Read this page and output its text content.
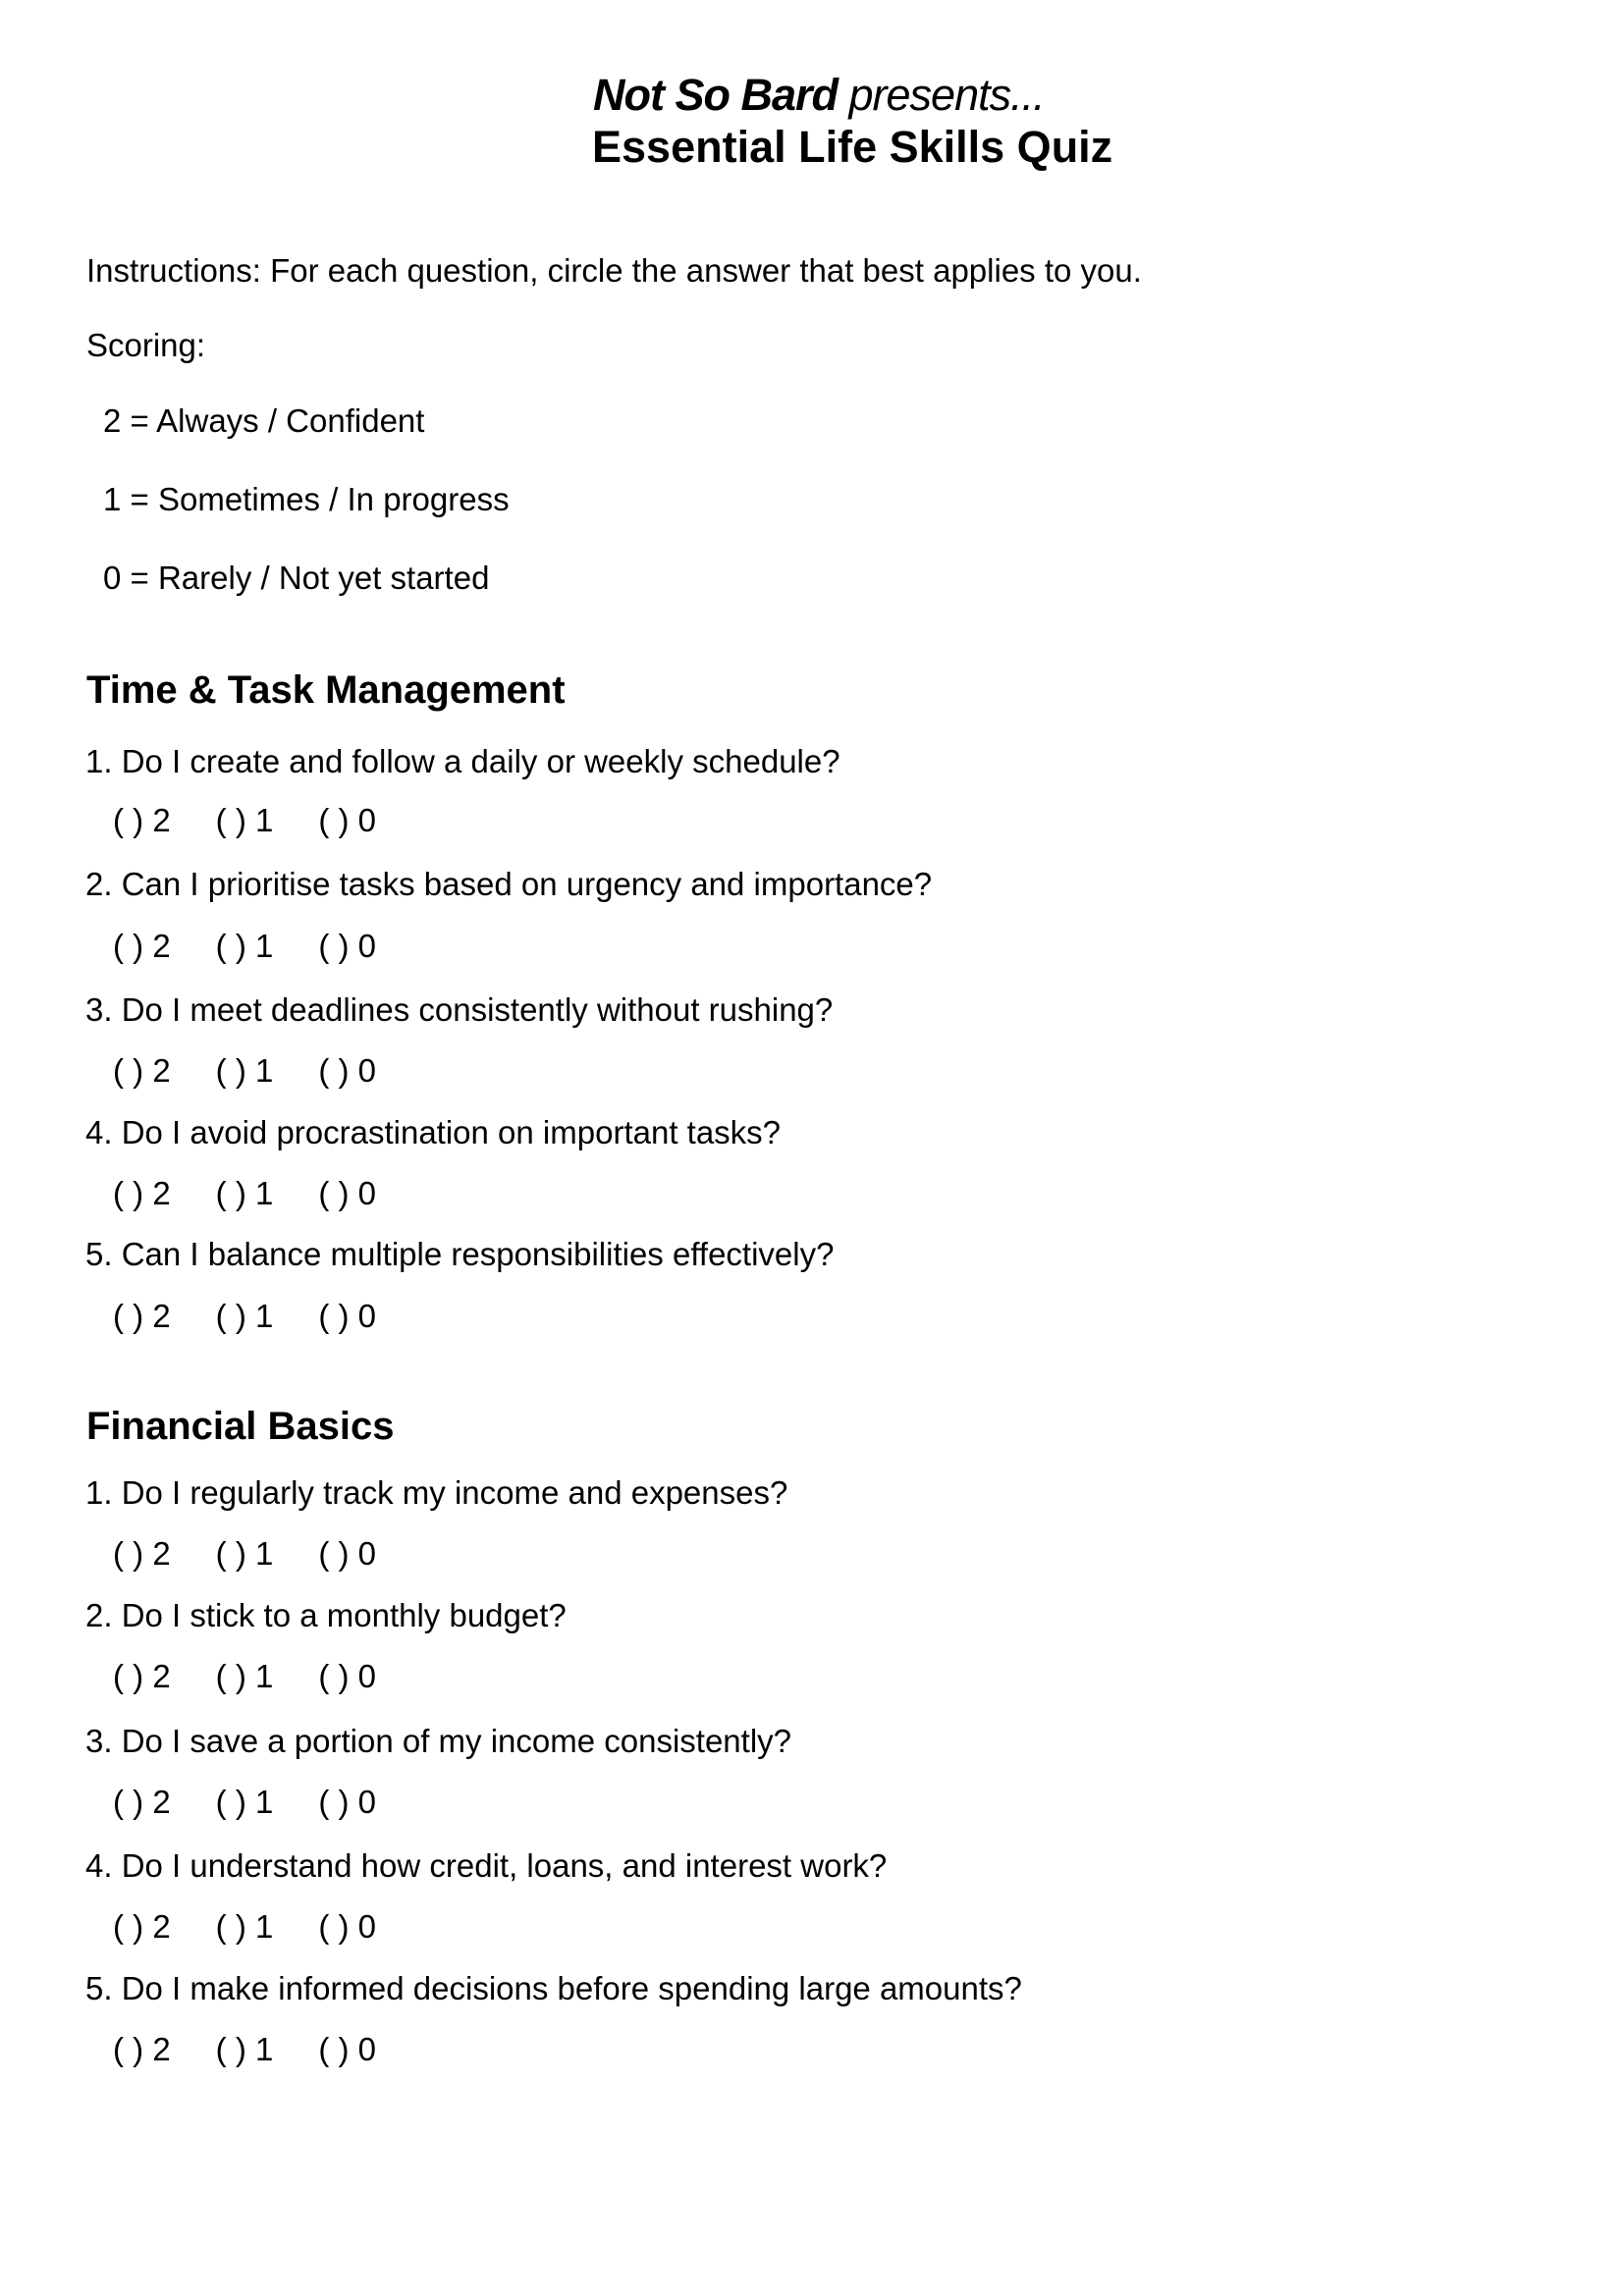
Not So Bard presents...
Essential Life Skills Quiz
Instructions: For each question, circle the answer that best applies to you.
Scoring:
2 = Always / Confident
1 = Sometimes / In progress
0 = Rarely / Not yet started
Time & Task Management
1. Do I create and follow a daily or weekly schedule?
( ) 2 ( ) 1 ( ) 0
2. Can I prioritise tasks based on urgency and importance?
( ) 2 ( ) 1 ( ) 0
3. Do I meet deadlines consistently without rushing?
( ) 2 ( ) 1 ( ) 0
4. Do I avoid procrastination on important tasks?
( ) 2 ( ) 1 ( ) 0
5. Can I balance multiple responsibilities effectively?
( ) 2 ( ) 1 ( ) 0
Financial Basics
1. Do I regularly track my income and expenses?
( ) 2 ( ) 1 ( ) 0
2. Do I stick to a monthly budget?
( ) 2 ( ) 1 ( ) 0
3. Do I save a portion of my income consistently?
( ) 2 ( ) 1 ( ) 0
4. Do I understand how credit, loans, and interest work?
( ) 2 ( ) 1 ( ) 0
5. Do I make informed decisions before spending large amounts?
( ) 2 ( ) 1 ( ) 0
